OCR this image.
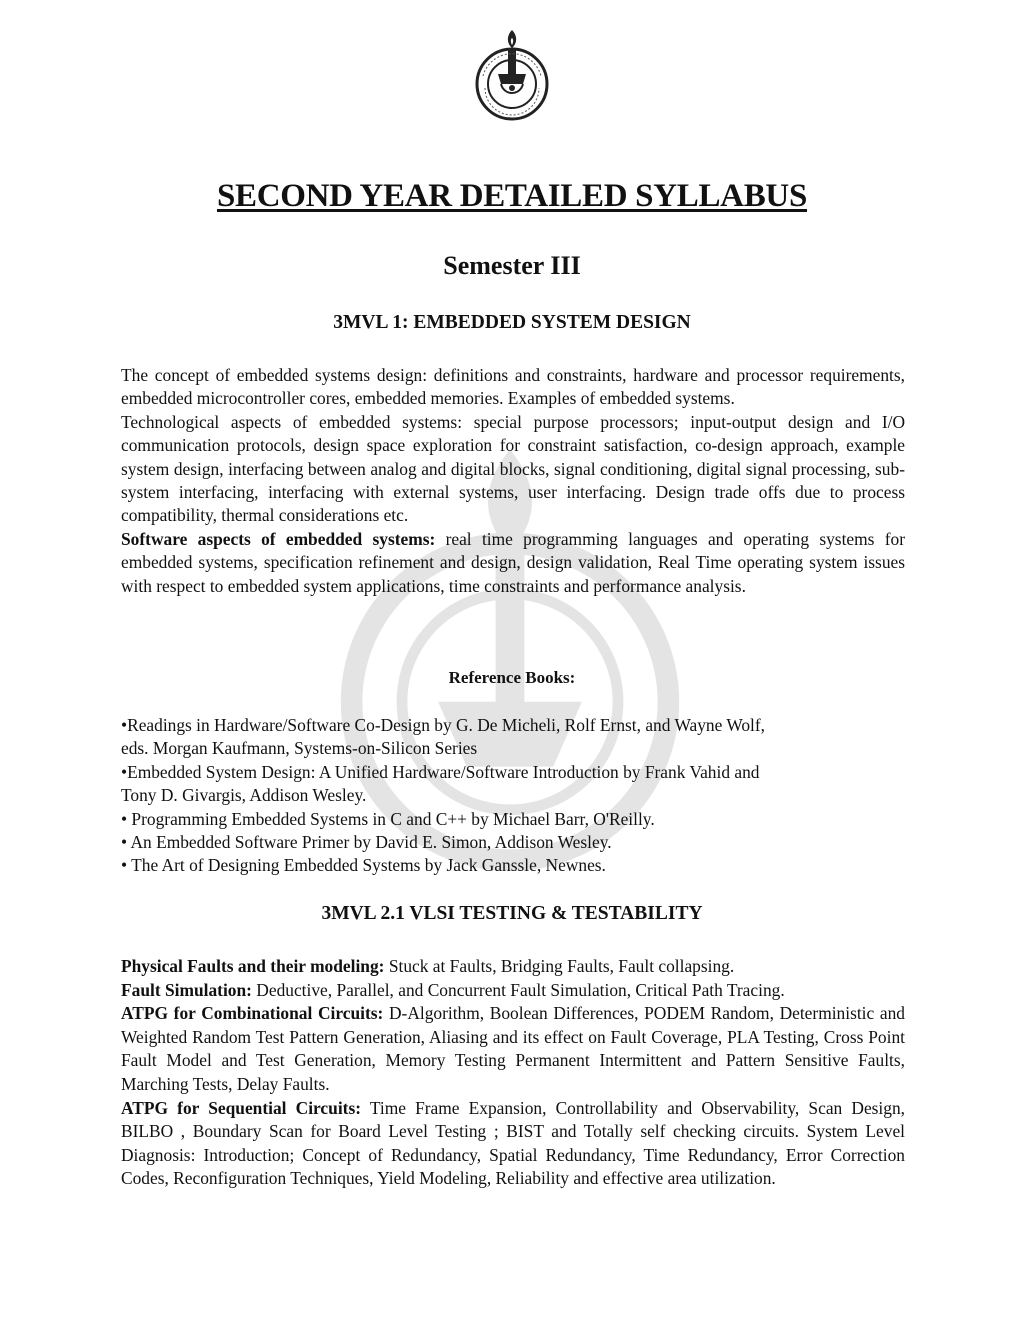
SECOND YEAR DETAILED SYLLABUS
Semester III
3MVL 1: EMBEDDED SYSTEM DESIGN

The concept of embedded systems design: definitions and constraints, hardware and processor requirements, embedded microcontroller cores, embedded memories. Examples of embedded systems.

Technological aspects of embedded systems: special purpose processors; input-output design and I/O communication protocols, design space exploration for constraint satisfaction, co-design approach, example system design, interfacing between analog and digital blocks, signal conditioning, digital signal processing, sub-system interfacing, interfacing with external systems, user interfacing. Design trade offs due to process compatibility, thermal considerations etc.

Software aspects of embedded systems: real time programming languages and operating systems for embedded systems, specification refinement and design, design validation, Real Time operating system issues with respect to embedded system applications, time constraints and performance analysis.

Reference Books:
•Readings in Hardware/Software Co-Design by G. De Micheli, Rolf Ernst, and Wayne Wolf,
eds. Morgan Kaufmann, Systems-on-Silicon Series
•Embedded System Design: A Unified Hardware/Software Introduction by Frank Vahid and
Tony D. Givargis, Addison Wesley.
• Programming Embedded Systems in C and C++ by Michael Barr, O'Reilly.
• An Embedded Software Primer by David E. Simon, Addison Wesley.
• The Art of Designing Embedded Systems by Jack Ganssle, Newnes.
3MVL 2.1 VLSI TESTING & TESTABILITY

Physical Faults and their modeling: Stuck at Faults, Bridging Faults, Fault collapsing.

Fault Simulation: Deductive, Parallel, and Concurrent Fault Simulation, Critical Path Tracing.

ATPG for Combinational Circuits: D-Algorithm, Boolean Differences, PODEM Random, Deterministic and Weighted Random Test Pattern Generation, Aliasing and its effect on Fault Coverage, PLA Testing, Cross Point Fault Model and Test Generation, Memory Testing Permanent Intermittent and Pattern Sensitive Faults, Marching Tests, Delay Faults.

ATPG for Sequential Circuits: Time Frame Expansion, Controllability and Observability, Scan Design, BILBO , Boundary Scan for Board Level Testing ; BIST and Totally self checking circuits. System Level Diagnosis: Introduction; Concept of Redundancy, Spatial Redundancy, Time Redundancy, Error Correction Codes, Reconfiguration Techniques, Yield Modeling, Reliability and effective area utilization.
